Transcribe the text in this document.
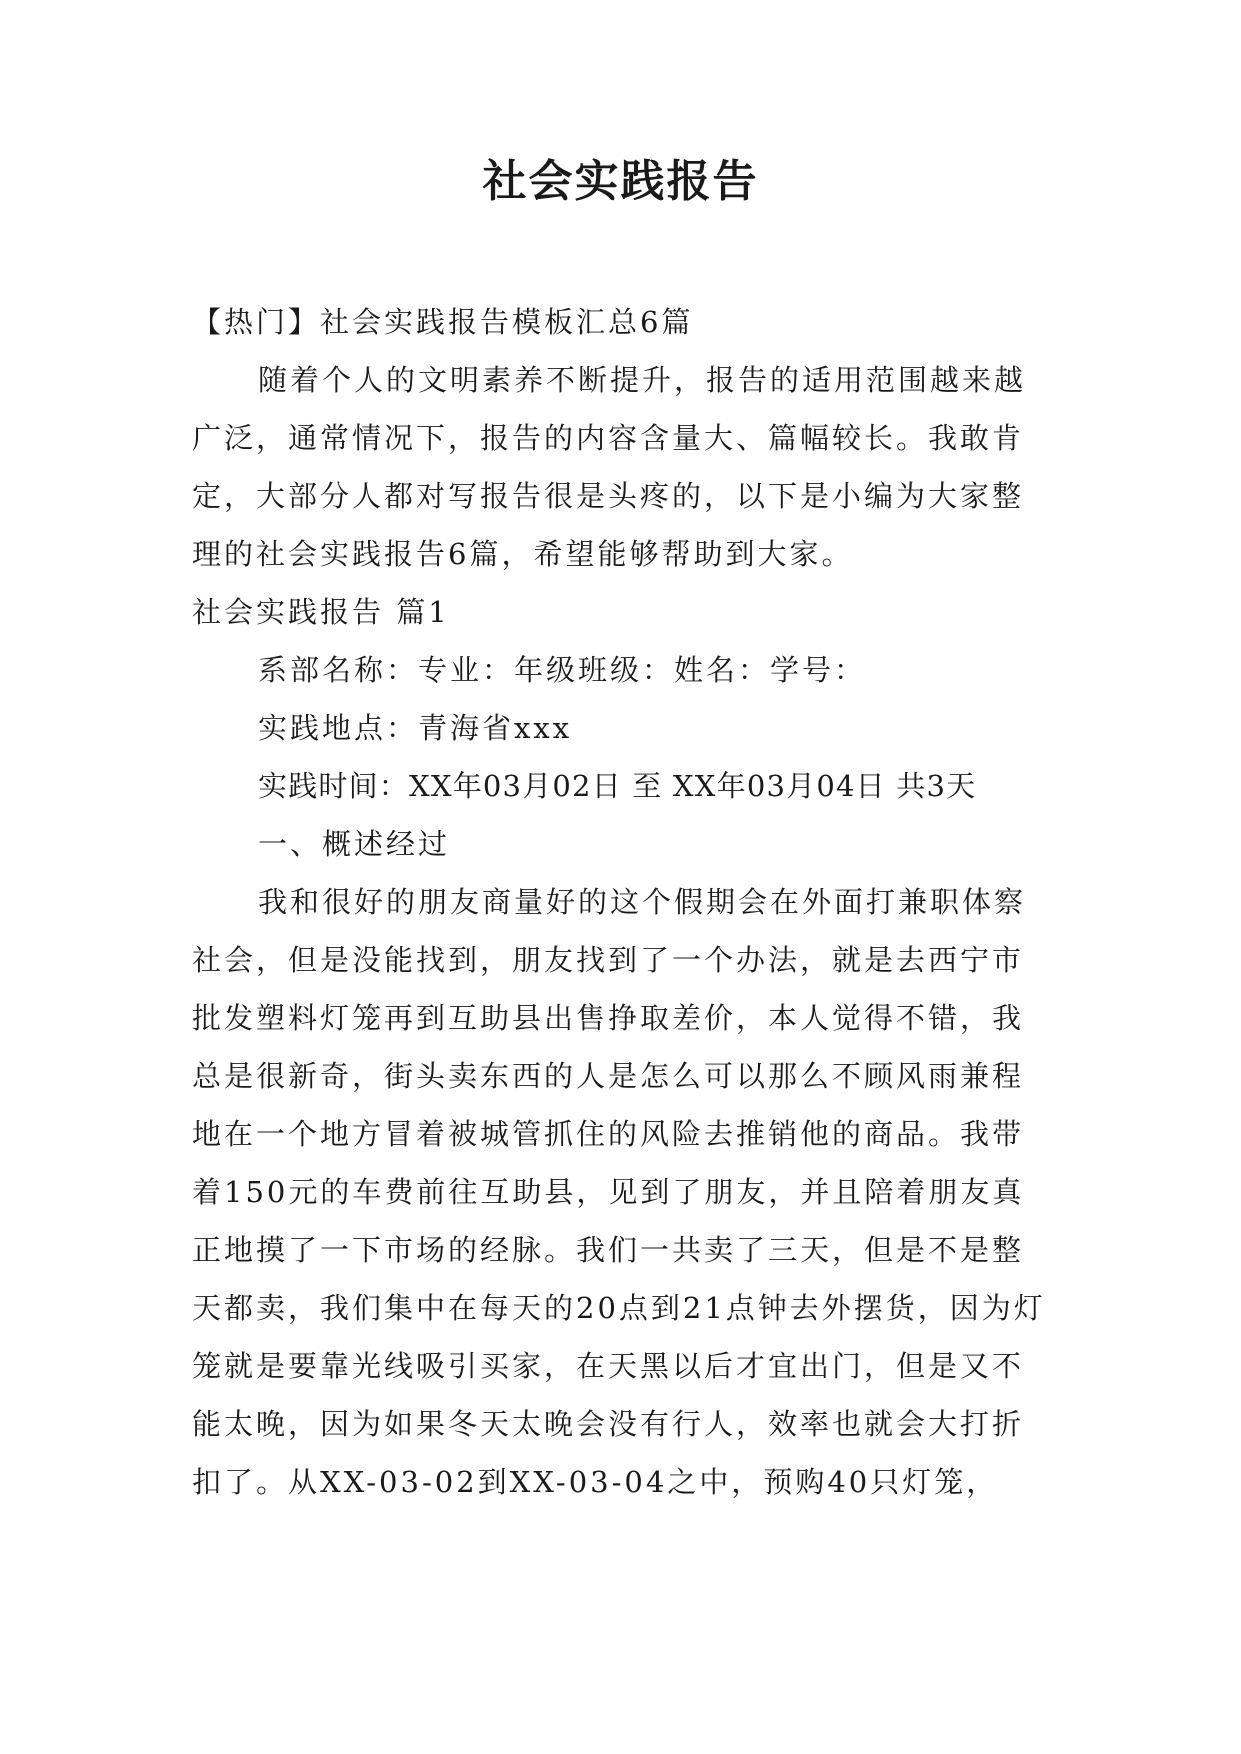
社会实践报告

【热门】社会实践报告模板汇总6篇

随着个人的文明素养不断提升，报告的适用范围越来越广泛，通常情况下，报告的内容含量大、篇幅较长。我敢肯定，大部分人都对写报告很是头疼的，以下是小编为大家整理的社会实践报告6篇，希望能够帮助到大家。

社会实践报告 篇1

系部名称：专业：年级班级：姓名：学号：

实践地点：青海省xxx

实践时间：XX年03月02日 至 XX年03月04日 共3天

一、概述经过

我和很好的朋友商量好的这个假期会在外面打兼职体察社会，但是没能找到，朋友找到了一个办法，就是去西宁市批发塑料灯笼再到互助县出售挣取差价，本人觉得不错，我总是很新奇，街头卖东西的人是怎么可以那么不顾风雨兼程地在一个地方冒着被城管抓住的风险去推销他的商品。我带着150元的车费前往互助县，见到了朋友，并且陪着朋友真正地摸了一下市场的经脉。我们一共卖了三天，但是不是整天都卖，我们集中在每天的20点到21点钟去外摆货，因为灯笼就是要靠光线吸引买家，在天黑以后才宜出门，但是又不能太晚，因为如果冬天太晚会没有行人，效率也就会大打折扣了。从XX-03-02到XX-03-04之中，预购40只灯笼，
